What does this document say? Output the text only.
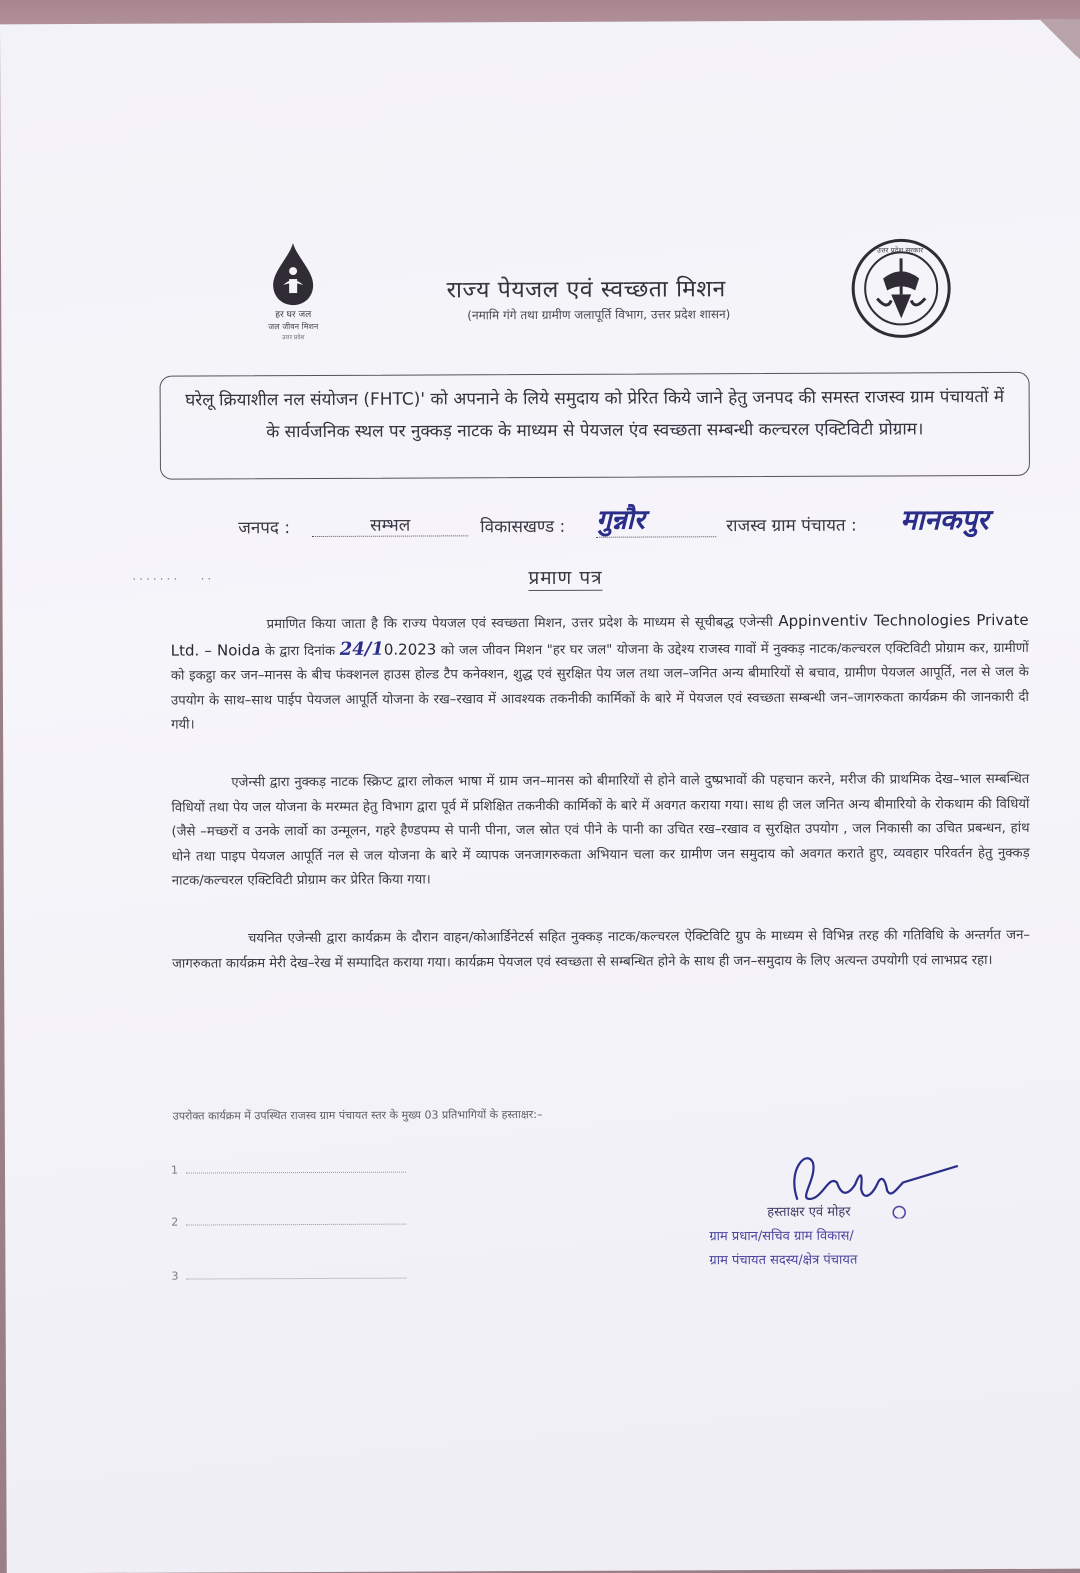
हर घर जल
जल जीवन मिशन
उत्तर प्रदेश
राज्य पेयजल एवं स्वच्छता मिशन
(नमामि गंगे तथा ग्रामीण जलापूर्ति विभाग, उत्तर प्रदेश शासन)
उत्तर प्रदेश सरकार
घरेलू क्रियाशील नल संयोजन (FHTC)' को अपनाने के लिये समुदाय को प्रेरित किये जाने हेतु जनपद की समस्त राजस्व ग्राम पंचायतों में के सार्वजनिक स्थल पर नुक्कड़ नाटक के माध्यम से पेयजल एंव स्वच्छता सम्बन्धी कल्चरल एक्टिविटी प्रोग्राम।
जनपद :	सम्भल	विकासखण्ड : गुन्नौर	राजस्व ग्राम पंचायत : मानकपुर
.......   ..	प्रमाण पत्र
प्रमाणित किया जाता है कि राज्य पेयजल एवं स्वच्छता मिशन, उत्तर प्रदेश के माध्यम से सूचीबद्ध एजेन्सी Appinventiv Technologies Private Ltd. – Noida के द्वारा दिनांक 24/10.2023 को जल जीवन मिशन "हर घर जल" योजना के उद्देश्य राजस्व गावों में नुक्कड़ नाटक/कल्चरल एक्टिविटी प्रोग्राम कर, ग्रामीणों को इकट्ठा कर जन–मानस के बीच फंक्शनल हाउस होल्ड टैप कनेक्शन, शुद्ध एवं सुरक्षित पेय जल तथा जल–जनित अन्य बीमारियों से बचाव, ग्रामीण पेयजल आपूर्ति, नल से जल के उपयोग के साथ–साथ पाईप पेयजल आपूर्ति योजना के रख–रखाव में आवश्यक तकनीकी कार्मिकों के बारे में पेयजल एवं स्वच्छता सम्बन्धी जन–जागरुकता कार्यक्रम की जानकारी दी गयी।
एजेन्सी द्वारा नुक्कड़ नाटक स्क्रिप्ट द्वारा लोकल भाषा में ग्राम जन–मानस को बीमारियों से होने वाले दुष्प्रभावों की पहचान करने, मरीज की प्राथमिक देख–भाल सम्बन्धित विधियों तथा पेय जल योजना के मरम्मत हेतु विभाग द्वारा पूर्व में प्रशिक्षित तकनीकी कार्मिकों के बारे में अवगत कराया गया। साथ ही जल जनित अन्य बीमारियो के रोकथाम की विधियों (जैसे –मच्छरों व उनके लार्वो का उन्मूलन, गहरे हैण्डपम्प से पानी पीना, जल स्रोत एवं पीने के पानी का उचित रख–रखाव व सुरक्षित उपयोग , जल निकासी का उचित प्रबन्धन, हांथ धोने तथा पाइप पेयजल आपूर्ति नल से जल योजना के बारे में व्यापक जनजागरुकता अभियान चला कर ग्रामीण जन समुदाय को अवगत कराते हुए, व्यवहार परिवर्तन हेतु नुक्कड़ नाटक/कल्चरल एक्टिविटी प्रोग्राम कर प्रेरित किया गया।
चयनित एजेन्सी द्वारा कार्यक्रम के दौरान वाहन/कोआर्डिनेटर्स सहित नुक्कड़ नाटक/कल्चरल ऐक्टिविटि ग्रुप के माध्यम से विभिन्न तरह की गतिविधि के अन्तर्गत जन–जागरुकता कार्यक्रम मेरी देख–रेख में सम्पादित कराया गया। कार्यक्रम पेयजल एवं स्वच्छता से सम्बन्धित होने के साथ ही जन–समुदाय के लिए अत्यन्त उपयोगी एवं लाभप्रद रहा।
उपरोक्त कार्यक्रम में उपस्थित राजस्व ग्राम पंचायत स्तर के मुख्य 03 प्रतिभागियों के हस्ताक्षर:–
1
2
3
हस्ताक्षर एवं मोहर
ग्राम प्रधान/सचिव ग्राम विकास/
ग्राम पंचायत सदस्य/क्षेत्र पंचायत
